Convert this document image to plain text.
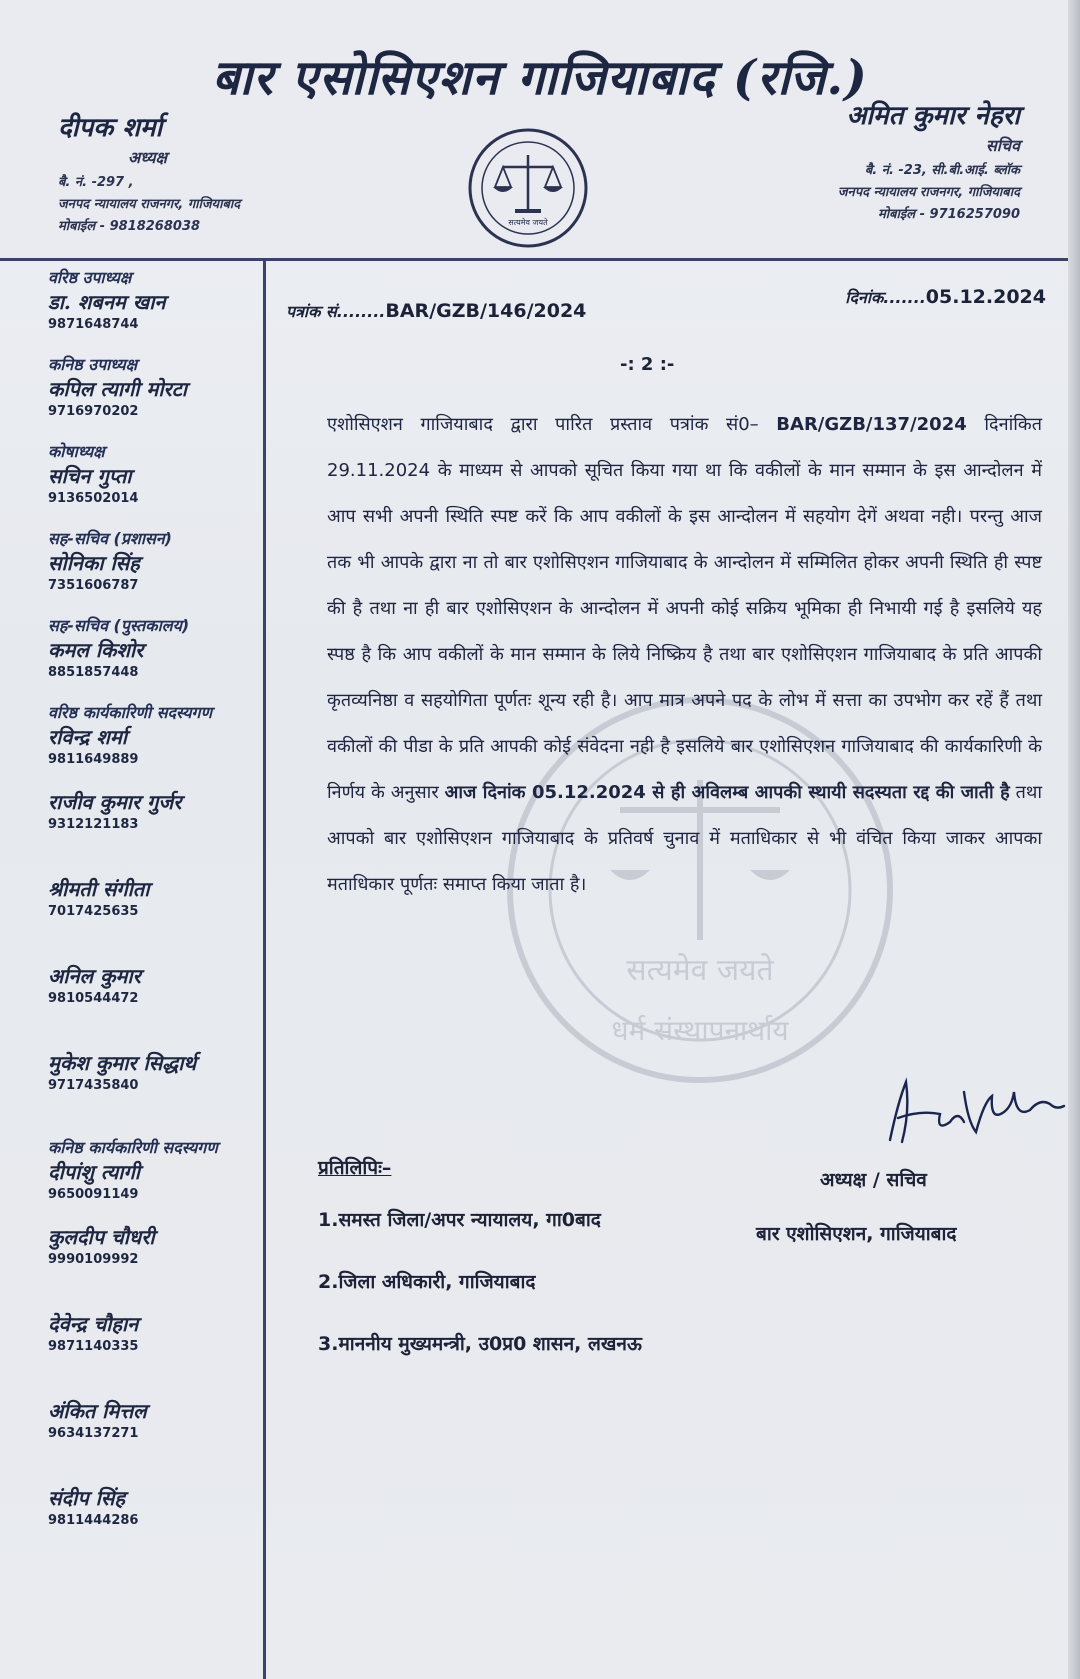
बार एसोसिएशन गाजियाबाद (रजि.)
दीपक शर्मा
अध्यक्ष
बै. नं. -297 ,
जनपद न्यायालय राजनगर, गाजियाबाद
मोबाईल - 9818268038	सत्यमेव जयते
अमित कुमार नेहरा
सचिव
बै. नं. -23, सी.बी.आई. ब्लॉक
जनपद न्यायालय राजनगर, गाजियाबाद
मोबाईल - 9716257090
वरिष्ठ उपाध्यक्ष
डा. शबनम खान
9871648744
कनिष्ठ उपाध्यक्ष
कपिल त्यागी मोरटा
9716970202
कोषाध्यक्ष
सचिन गुप्ता
9136502014
सह-सचिव (प्रशासन)
सोनिका सिंह
7351606787
सह-सचिव (पुस्तकालय)
कमल किशोर
8851857448
वरिष्ठ कार्यकारिणी सदस्यगण
रविन्द्र शर्मा
9811649889
राजीव कुमार गुर्जर
9312121183
श्रीमती संगीता
7017425635
अनिल कुमार
9810544472
मुकेश कुमार सिद्धार्थ
9717435840
कनिष्ठ कार्यकारिणी सदस्यगण
दीपांशु त्यागी
9650091149
कुलदीप चौधरी
9990109992
देवेन्द्र चौहान
9871140335
अंकित मित्तल
9634137271
संदीप सिंह
9811444286
पत्रांक सं........BAR/GZB/146/2024
दिनांक.......05.12.2024
-: 2 :-
सत्यमेव जयते
धर्म संस्थापनार्थाय
एशोसिएशन गाजियाबाद द्वारा पारित प्रस्ताव पत्रांक सं0– BAR/GZB/137/2024 दिनांकित 29.11.2024 के माध्यम से आपको सूचित किया गया था कि वकीलों के मान सम्मान के इस आन्दोलन में आप सभी अपनी स्थिति स्पष्ट करें कि आप वकीलों के इस आन्दोलन में सहयोग देगें अथवा नही। परन्तु आज तक भी आपके द्वारा ना तो बार एशोसिएशन गाजियाबाद के आन्दोलन में सम्मिलित होकर अपनी स्थिति ही स्पष्ट की है तथा ना ही बार एशोसिएशन के आन्दोलन में अपनी कोई सक्रिय भूमिका ही निभायी गई है इसलिये यह स्पष्ठ है कि आप वकीलों के मान सम्मान के लिये निष्क्रिय है तथा बार एशोसिएशन गाजियाबाद के प्रति आपकी कृतव्यनिष्ठा व सहयोगिता पूर्णतः शून्य रही है। आप मात्र अपने पद के लोभ में सत्ता का उपभोग कर रहें हैं तथा वकीलों की पीडा के प्रति आपकी कोई संवेदना नही है इसलिये बार एशोसिएशन गाजियाबाद की कार्यकारिणी के निर्णय के अनुसार आज दिनांक 05.12.2024 से ही अविलम्ब आपकी स्थायी सदस्यता रद्द की जाती है तथा आपको बार एशोसिएशन गाजियाबाद के प्रतिवर्ष चुनाव में मताधिकार से भी वंचित किया जाकर आपका मताधिकार पूर्णतः समाप्त किया जाता है।
अध्यक्ष / सचिव
बार एशोसिएशन, गाजियाबाद
प्रतिलिपिः–
1.समस्त जिला/अपर न्यायालय, गा0बाद
2.जिला अधिकारी, गाजियाबाद
3.माननीय मुख्यमन्त्री, उ0प्र0 शासन, लखनऊ
